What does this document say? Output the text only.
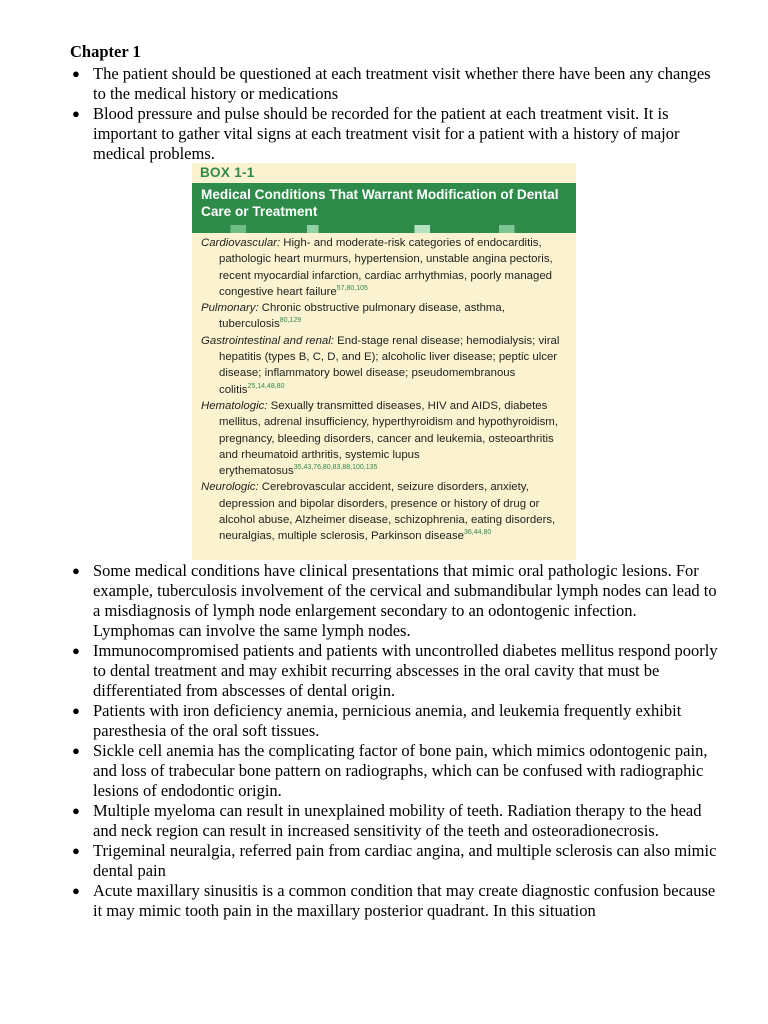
Chapter 1
● The patient should be questioned at each treatment visit whether there have been any changes to the medical history or medications
● Blood pressure and pulse should be recorded for the patient at each treatment visit. It is important to gather vital signs at each treatment visit for a patient with a history of major medical problems.
BOX 1-1
Medical Conditions That Warrant Modification of Dental Care or Treatment

Cardiovascular: High- and moderate-risk categories of endocarditis, pathologic heart murmurs, hypertension, unstable angina pectoris, recent myocardial infarction, cardiac arrhythmias, poorly managed congestive heart failure$^{57,80,105}$

Pulmonary: Chronic obstructive pulmonary disease, asthma, tuberculosis$^{80,129}$

Gastrointestinal and renal: End-stage renal disease; hemodialysis; viral hepatitis (types B, C, D, and E); alcoholic liver disease; peptic ulcer disease; inflammatory bowel disease; pseudomembranous colitis$^{25,14,48,80}$

Hematologic: Sexually transmitted diseases, HIV and AIDS, diabetes mellitus, adrenal insufficiency, hyperthyroidism and hypothyroidism, pregnancy, bleeding disorders, cancer and leukemia, osteoarthritis and rheumatoid arthritis, systemic lupus erythematosus$^{35,43,76,80,83,88,100,135}$

Neurologic: Cerebrovascular accident, seizure disorders, anxiety, depression and bipolar disorders, presence or history of drug or alcohol abuse, Alzheimer disease, schizophrenia, eating disorders, neuralgias, multiple sclerosis, Parkinson disease$^{36,44,80}$

● Some medical conditions have clinical presentations that mimic oral pathologic lesions. For example, tuberculosis involvement of the cervical and submandibular lymph nodes can lead to a misdiagnosis of lymph node enlargement secondary to an odontogenic infection. Lymphomas can involve the same lymph nodes.
● Immunocompromised patients and patients with uncontrolled diabetes mellitus respond poorly to dental treatment and may exhibit recurring abscesses in the oral cavity that must be differentiated from abscesses of dental origin.
● Patients with iron deficiency anemia, pernicious anemia, and leukemia frequently exhibit paresthesia of the oral soft tissues.
● Sickle cell anemia has the complicating factor of bone pain, which mimics odontogenic pain, and loss of trabecular bone pattern on radiographs, which can be confused with radiographic lesions of endodontic origin.
● Multiple myeloma can result in unexplained mobility of teeth. Radiation therapy to the head and neck region can result in increased sensitivity of the teeth and osteoradionecrosis.
● Trigeminal neuralgia, referred pain from cardiac angina, and multiple sclerosis can also mimic dental pain
● Acute maxillary sinusitis is a common condition that may create diagnostic confusion because it may mimic tooth pain in the maxillary posterior quadrant. In this situation
